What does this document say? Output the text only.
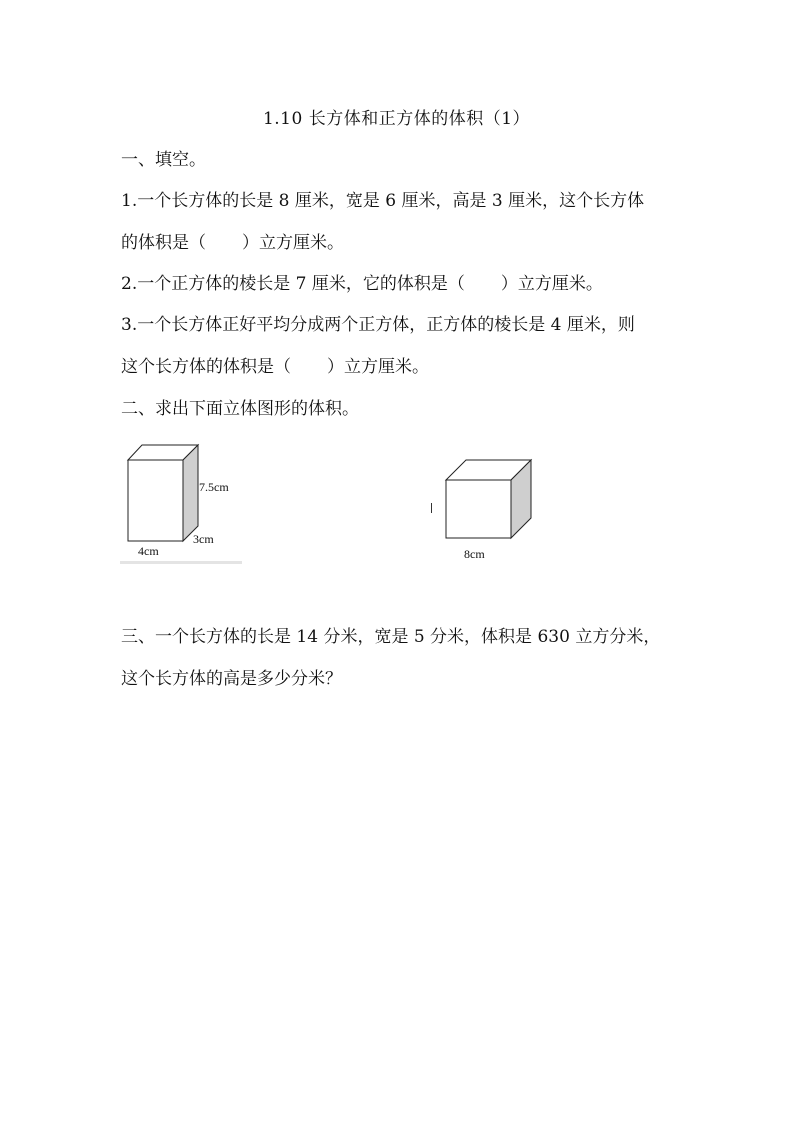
1.10 长方体和正方体的体积（1）
一、填空。
1.一个长方体的长是 8 厘米，宽是 6 厘米，高是 3 厘米，这个长方体
的体积是（ ）立方厘米。
2.一个正方体的棱长是 7 厘米，它的体积是（ ）立方厘米。
3.一个长方体正好平均分成两个正方体，正方体的棱长是 4 厘米，则
这个长方体的体积是（ ）立方厘米。
二、求出下面立体图形的体积。
7.5cm
3cm
4cm	8cm
三、一个长方体的长是 14 分米，宽是 5 分米，体积是 630 立方分米，
这个长方体的高是多少分米？
